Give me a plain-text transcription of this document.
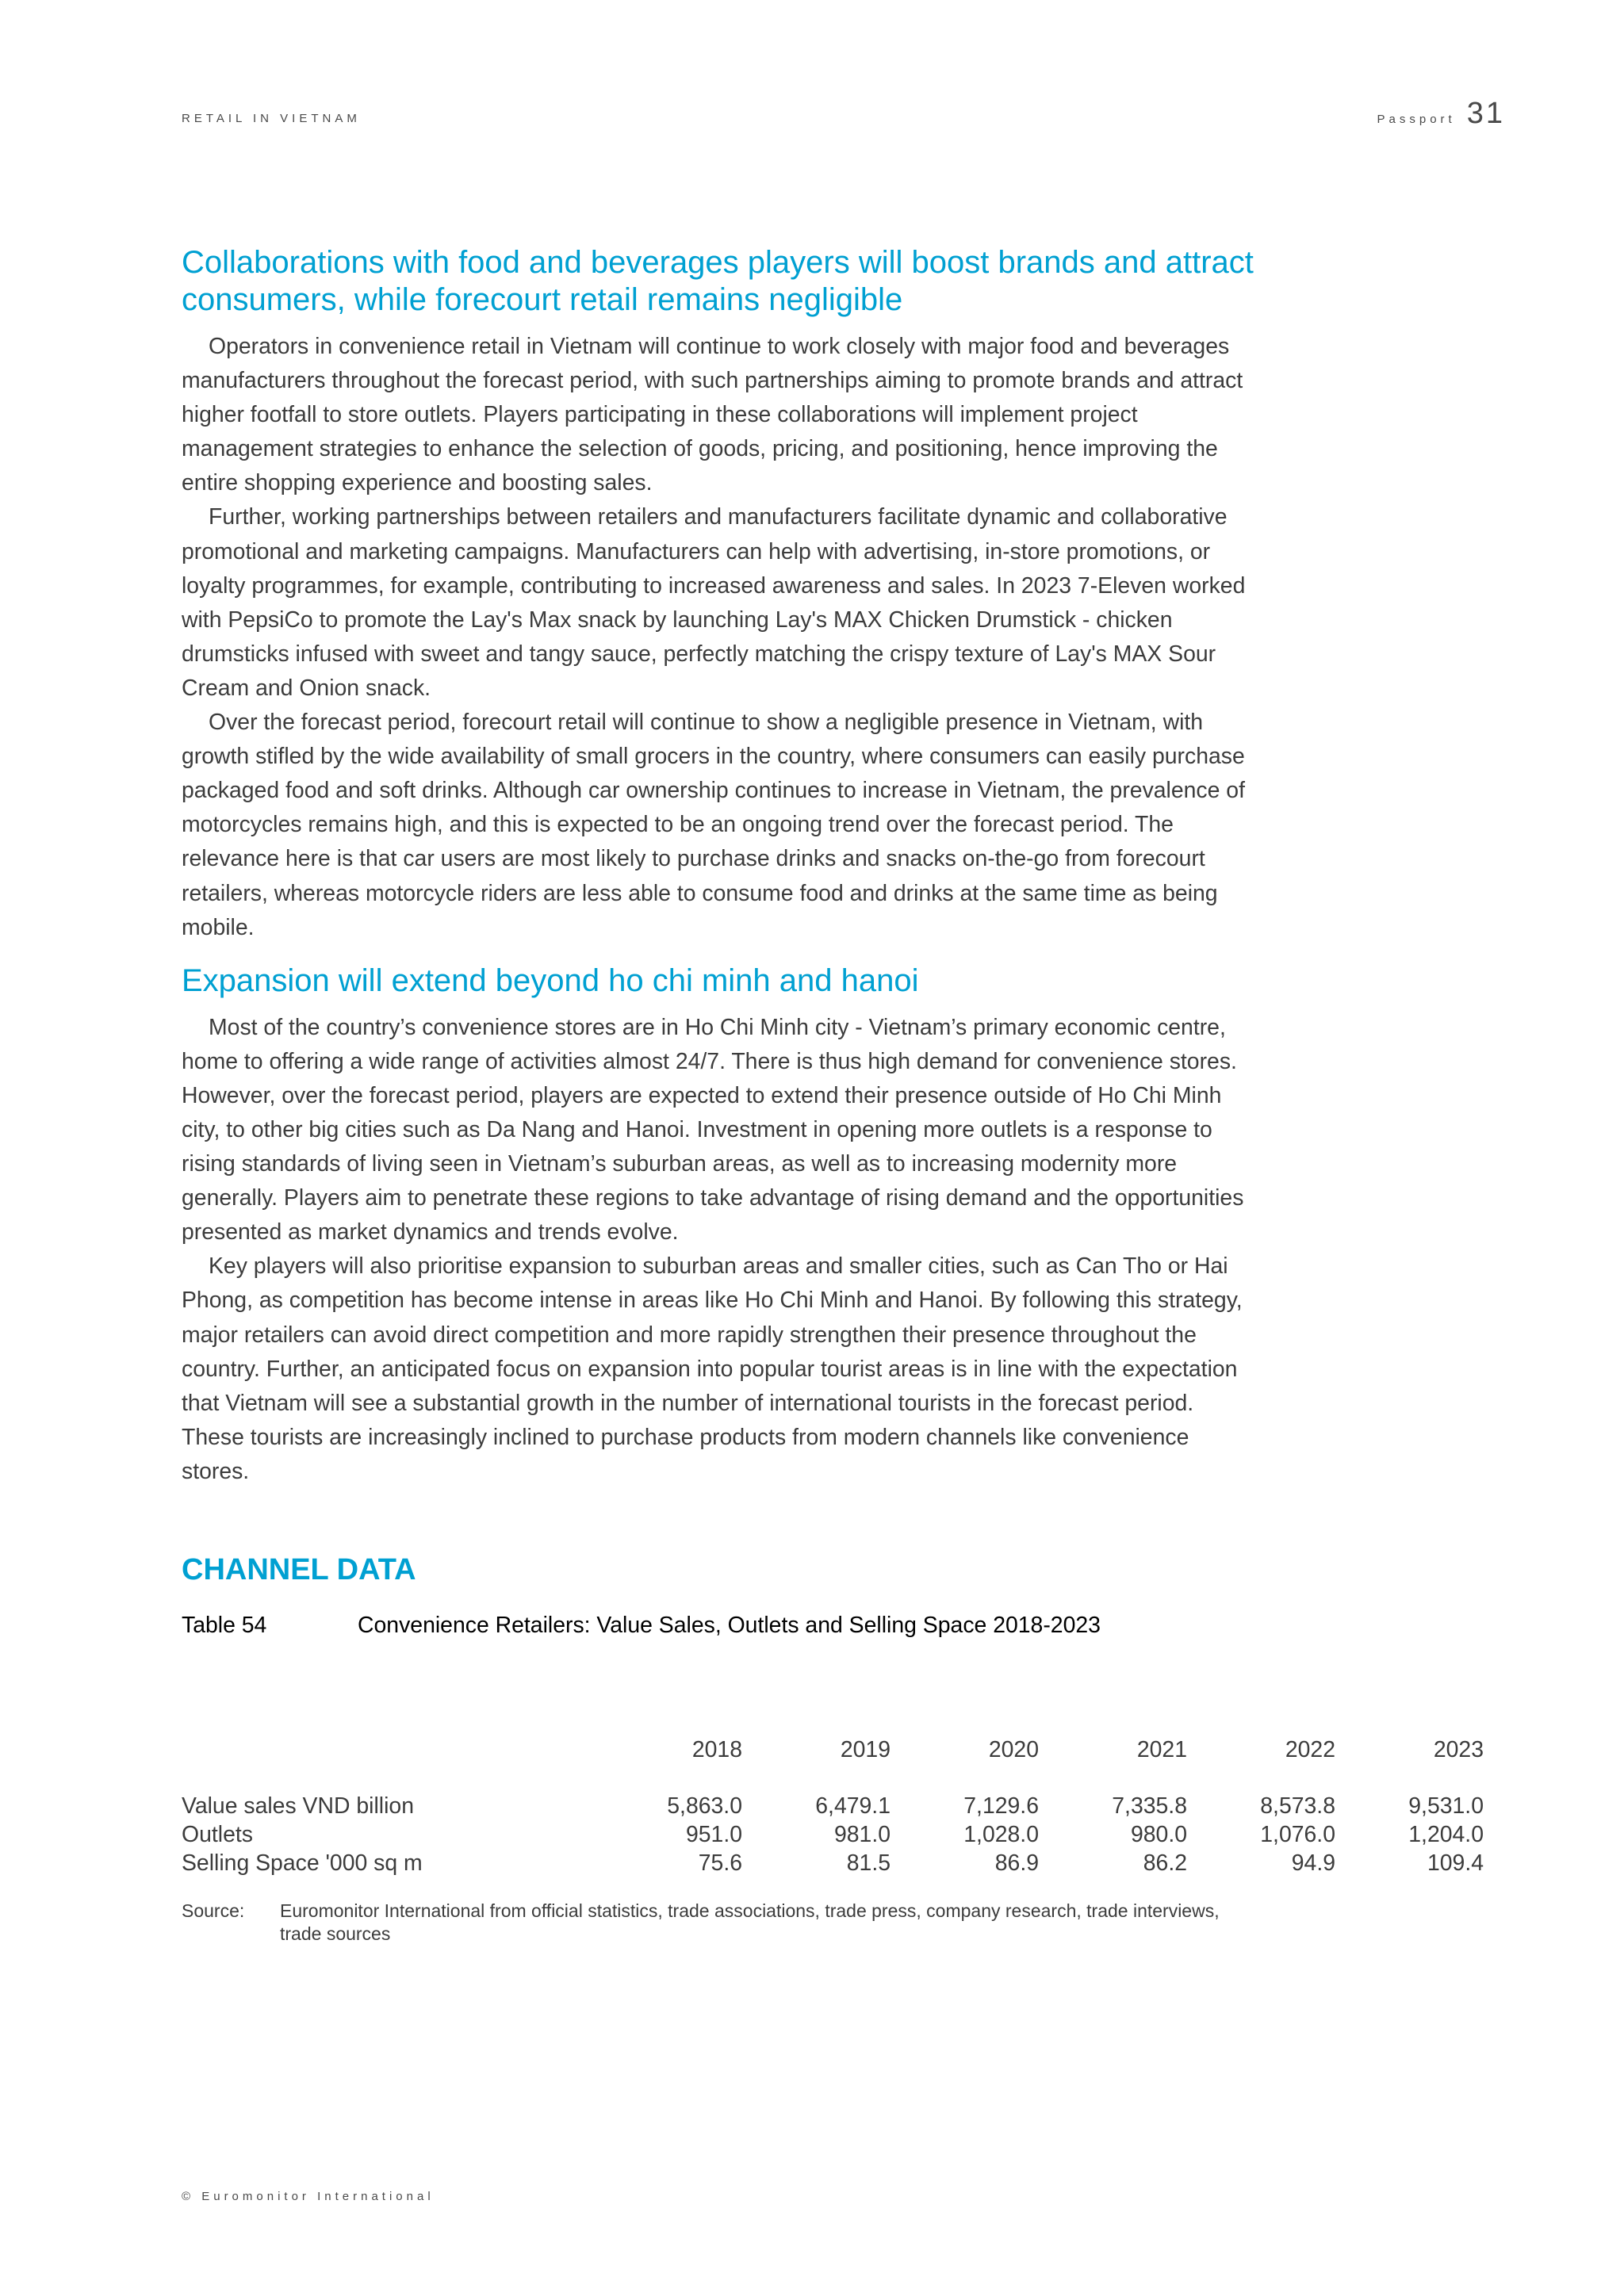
RETAIL IN VIETNAM	Passport 31
Collaborations with food and beverages players will boost brands and attract consumers, while forecourt retail remains negligible

Operators in convenience retail in Vietnam will continue to work closely with major food and beverages manufacturers throughout the forecast period, with such partnerships aiming to promote brands and attract higher footfall to store outlets. Players participating in these collaborations will implement project management strategies to enhance the selection of goods, pricing, and positioning, hence improving the entire shopping experience and boosting sales.

Further, working partnerships between retailers and manufacturers facilitate dynamic and collaborative promotional and marketing campaigns. Manufacturers can help with advertising, in-store promotions, or loyalty programmes, for example, contributing to increased awareness and sales. In 2023 7-Eleven worked with PepsiCo to promote the Lay's Max snack by launching Lay's MAX Chicken Drumstick - chicken drumsticks infused with sweet and tangy sauce, perfectly matching the crispy texture of Lay's MAX Sour Cream and Onion snack.

Over the forecast period, forecourt retail will continue to show a negligible presence in Vietnam, with growth stifled by the wide availability of small grocers in the country, where consumers can easily purchase packaged food and soft drinks. Although car ownership continues to increase in Vietnam, the prevalence of motorcycles remains high, and this is expected to be an ongoing trend over the forecast period. The relevance here is that car users are most likely to purchase drinks and snacks on-the-go from forecourt retailers, whereas motorcycle riders are less able to consume food and drinks at the same time as being mobile.

Expansion will extend beyond ho chi minh and hanoi

Most of the country’s convenience stores are in Ho Chi Minh city - Vietnam’s primary economic centre, home to offering a wide range of activities almost 24/7. There is thus high demand for convenience stores. However, over the forecast period, players are expected to extend their presence outside of Ho Chi Minh city, to other big cities such as Da Nang and Hanoi. Investment in opening more outlets is a response to rising standards of living seen in Vietnam’s suburban areas, as well as to increasing modernity more generally. Players aim to penetrate these regions to take advantage of rising demand and the opportunities presented as market dynamics and trends evolve.

Key players will also prioritise expansion to suburban areas and smaller cities, such as Can Tho or Hai Phong, as competition has become intense in areas like Ho Chi Minh and Hanoi. By following this strategy, major retailers can avoid direct competition and more rapidly strengthen their presence throughout the country. Further, an anticipated focus on expansion into popular tourist areas is in line with the expectation that Vietnam will see a substantial growth in the number of international tourists in the forecast period. These tourists are increasingly inclined to purchase products from modern channels like convenience stores.

CHANNEL DATA
Table 54	Convenience Retailers: Value Sales, Outlets and Selling Space 2018-2023
	2018	2019	2020	2021	2022	2023

Value sales VND billion	5,863.0	6,479.1	7,129.6	7,335.8	8,573.8	9,531.0
Outlets	951.0	981.0	1,028.0	980.0	1,076.0	1,204.0
Selling Space '000 sq m	75.6	81.5	86.9	86.2	94.9	109.4
Source:	Euromonitor International from official statistics, trade associations, trade press, company research, trade interviews, trade sources
© Euromonitor International
